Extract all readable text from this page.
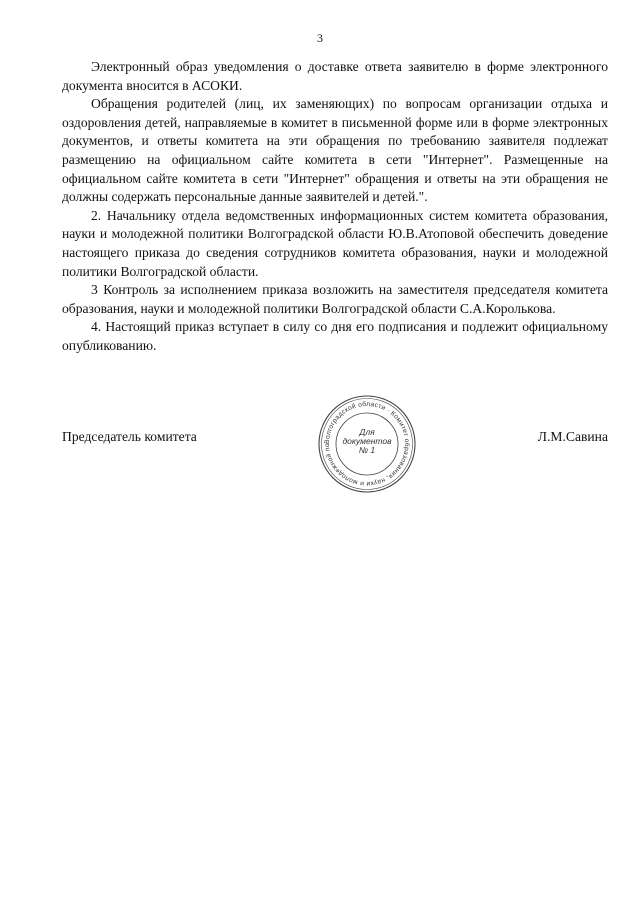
3

Электронный образ уведомления о доставке ответа заявителю в форме электронного документа вносится в АСОКИ.

Обращения родителей (лиц, их заменяющих) по вопросам организации отдыха и оздоровления детей, направляемые в комитет в письменной форме или в форме электронных документов, и ответы комитета на эти обращения по требованию заявителя подлежат размещению на официальном сайте комитета в сети "Интернет". Размещенные на официальном сайте комитета в сети "Интернет" обращения и ответы на эти обращения не должны содержать персональные данные заявителей и детей.".

2. Начальнику отдела ведомственных информационных систем комитета образования, науки и молодежной политики Волгоградской области Ю.В.Атоповой обеспечить доведение настоящего приказа до сведения сотрудников комитета образования, науки и молодежной политики Волгоградской области.

3 Контроль за исполнением приказа возложить на заместителя председателя комитета образования, науки и молодежной политики Волгоградской области С.А.Королькова.

4. Настоящий приказ вступает в силу со дня его подписания и подлежит официальному опубликованию.

Председатель комитета	Л.М.Савина
Волгоградской области · Комитет образования, науки и молодежной по
Для
документов
№ 1
